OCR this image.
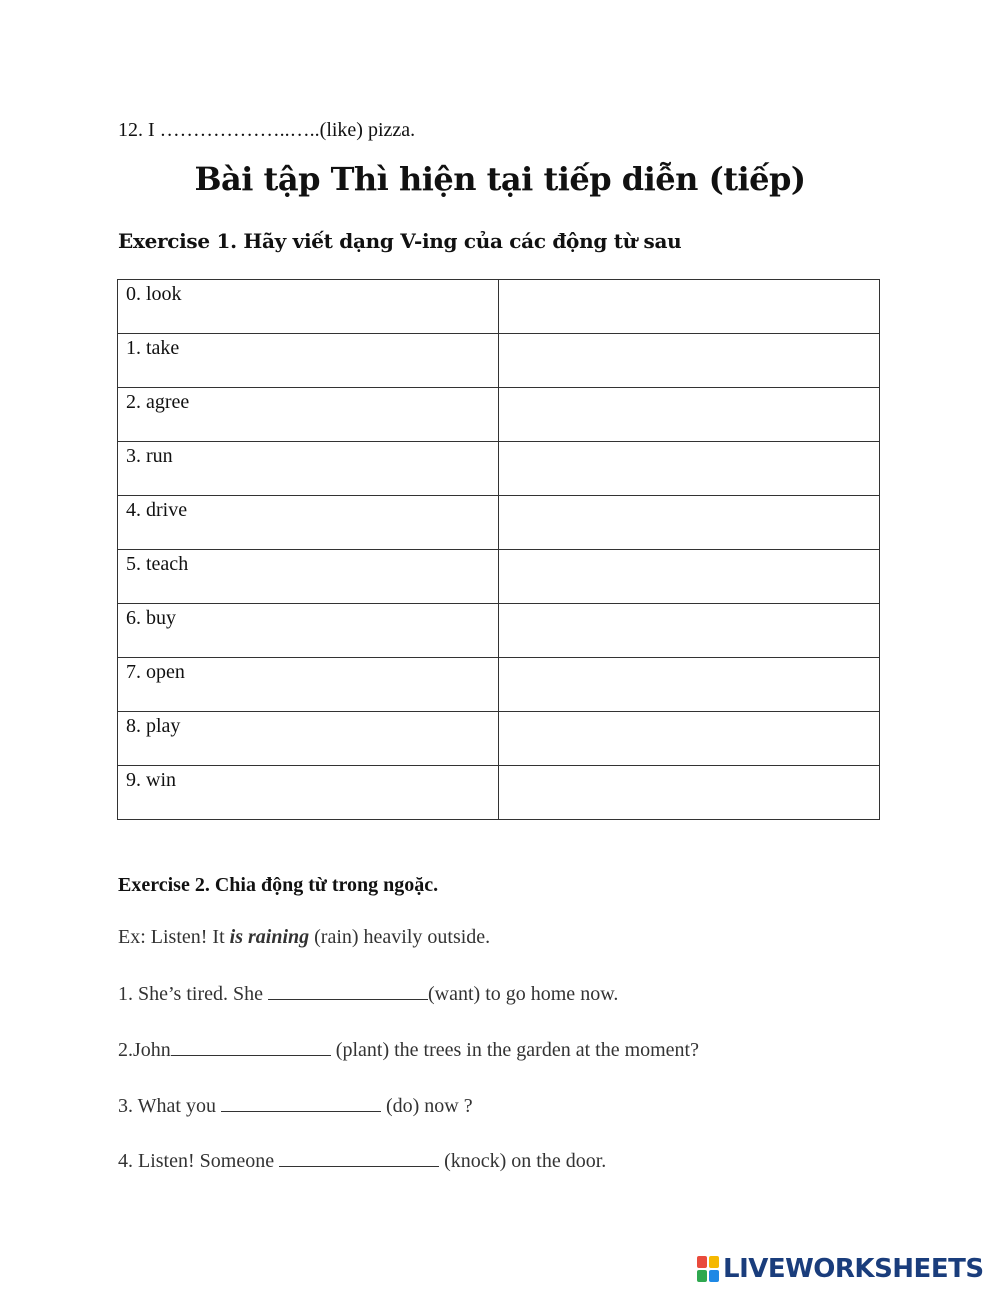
12. I ………………..…..(like) pizza.
Bài tập Thì hiện tại tiếp diễn (tiếp)
Exercise 1. Hãy viết dạng V-ing của các động từ sau
0. look	

1. take	

2. agree	

3. run	

4. drive	

5. teach	

6. buy	

7. open	

8. play	

9. win	

Exercise 2. Chia động từ trong ngoặc.
Ex: Listen! It is raining (rain) heavily outside.
1. She’s tired. She	(want) to go home now.
2.John	(plant) the trees in the garden at the moment?
3. What you	(do) now ?
4. Listen! Someone	(knock) on the door.
LIVEWORKSHEETS
